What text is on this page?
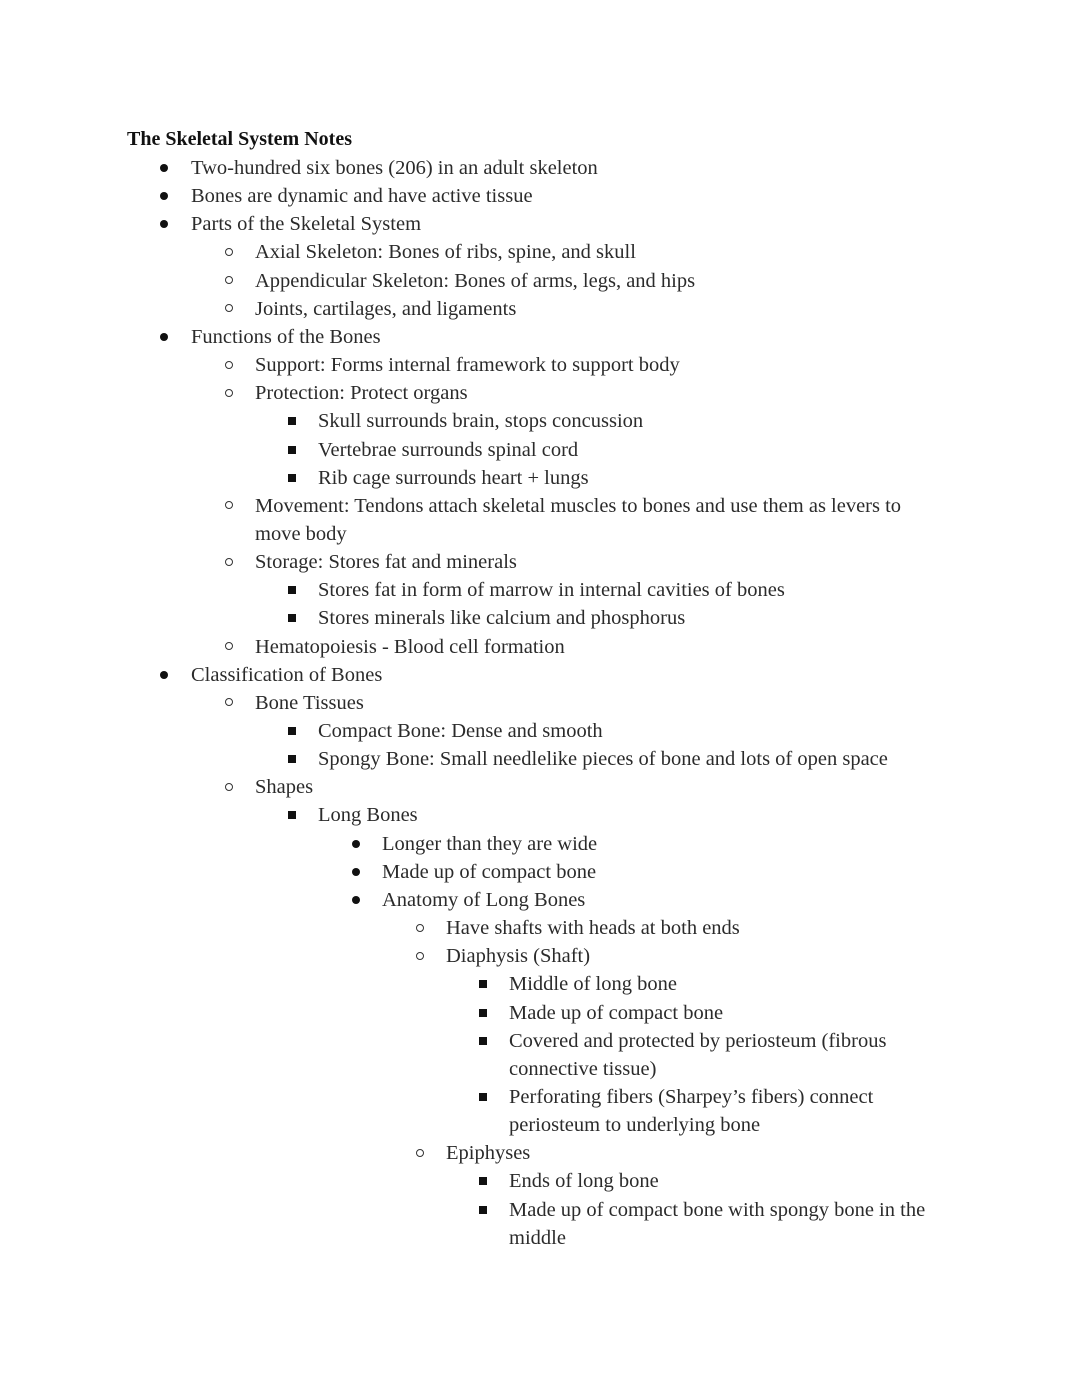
The Skeletal System Notes
Two-hundred six bones (206) in an adult skeleton
Bones are dynamic and have active tissue
Parts of the Skeletal System
Axial Skeleton: Bones of ribs, spine, and skull
Appendicular Skeleton: Bones of arms, legs, and hips
Joints, cartilages, and ligaments
Functions of the Bones
Support: Forms internal framework to support body
Protection: Protect organs
Skull surrounds brain, stops concussion
Vertebrae surrounds spinal cord
Rib cage surrounds heart + lungs
Movement: Tendons attach skeletal muscles to bones and use them as levers to
move body
Storage: Stores fat and minerals
Stores fat in form of marrow in internal cavities of bones
Stores minerals like calcium and phosphorus
Hematopoiesis - Blood cell formation
Classification of Bones
Bone Tissues
Compact Bone: Dense and smooth
Spongy Bone: Small needlelike pieces of bone and lots of open space
Shapes
Long Bones
Longer than they are wide
Made up of compact bone
Anatomy of Long Bones
Have shafts with heads at both ends
Diaphysis (Shaft)
Middle of long bone
Made up of compact bone
Covered and protected by periosteum (fibrous
connective tissue)
Perforating fibers (Sharpey’s fibers) connect
periosteum to underlying bone
Epiphyses
Ends of long bone
Made up of compact bone with spongy bone in the
middle
